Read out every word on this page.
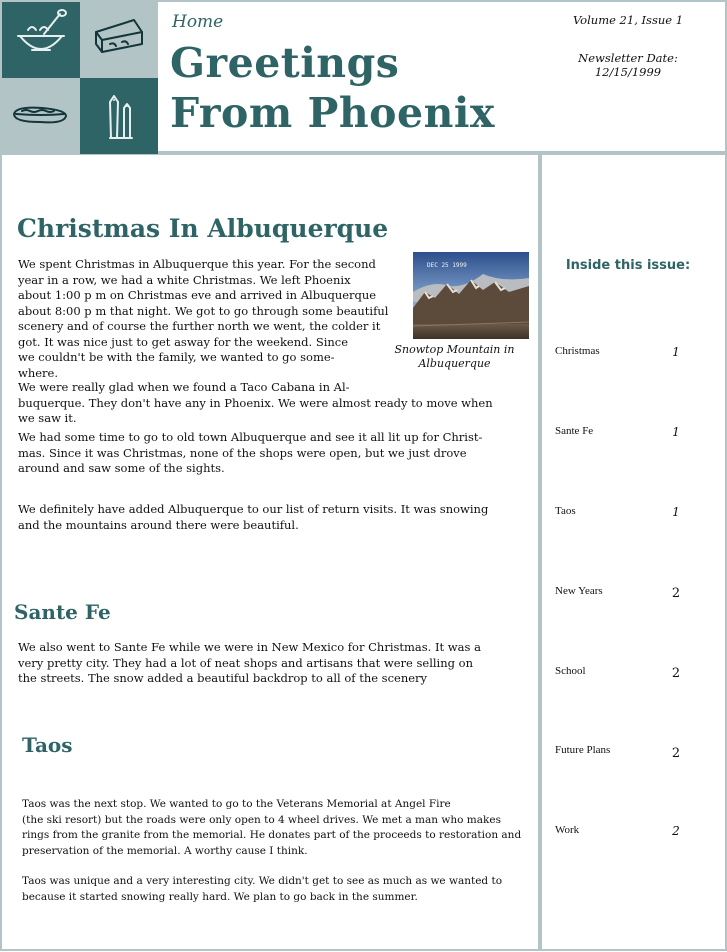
Home
Greetings
From Phoenix
Volume 21, Issue 1
Newsletter Date:
12/15/1999
Christmas In Albuquerque
We spent Christmas in Albuquerque this year. For the second
year in a row, we had a white Christmas. We left Phoenix
about 1:00 p m on Christmas eve and arrived in Albuquerque
about 8:00 p m that night. We got to go through some beautiful
scenery and of course the further north we went, the colder it
got. It was nice just to get asway for the weekend. Since
we couldn't be with the family, we wanted to go some-
where.
DEC 25 1999
Snowtop Mountain in
Albuquerque
We were really glad when we found a Taco Cabana in Al-
buquerque. They don't have any in Phoenix. We were almost ready to move when
we saw it.
We had some time to go to old town Albuquerque and see it all lit up for Christ-
mas. Since it was Christmas, none of the shops were open, but we just drove
around and saw some of the sights.
We definitely have added Albuquerque to our list of return visits. It was snowing
and the mountains around there were beautiful.
Sante Fe
We also went to Sante Fe while we were in New Mexico for Christmas. It was a
very pretty city. They had a lot of neat shops and artisans that were selling on
the streets. The snow added a beautiful backdrop to all of the scenery
Taos
Taos was the next stop. We wanted to go to the Veterans Memorial at Angel Fire
(the ski resort) but the roads were only open to 4 wheel drives. We met a man who makes
rings from the granite from the memorial. He donates part of the proceeds to restoration and
preservation of the memorial. A worthy cause I think.
Taos was unique and a very interesting city. We didn't get to see as much as we wanted to
because it started snowing really hard. We plan to go back in the summer.
Inside this issue:
Christmas	1
Sante Fe	1
Taos	1
New Years	2
School	2
Future Plans	2
Work	2
